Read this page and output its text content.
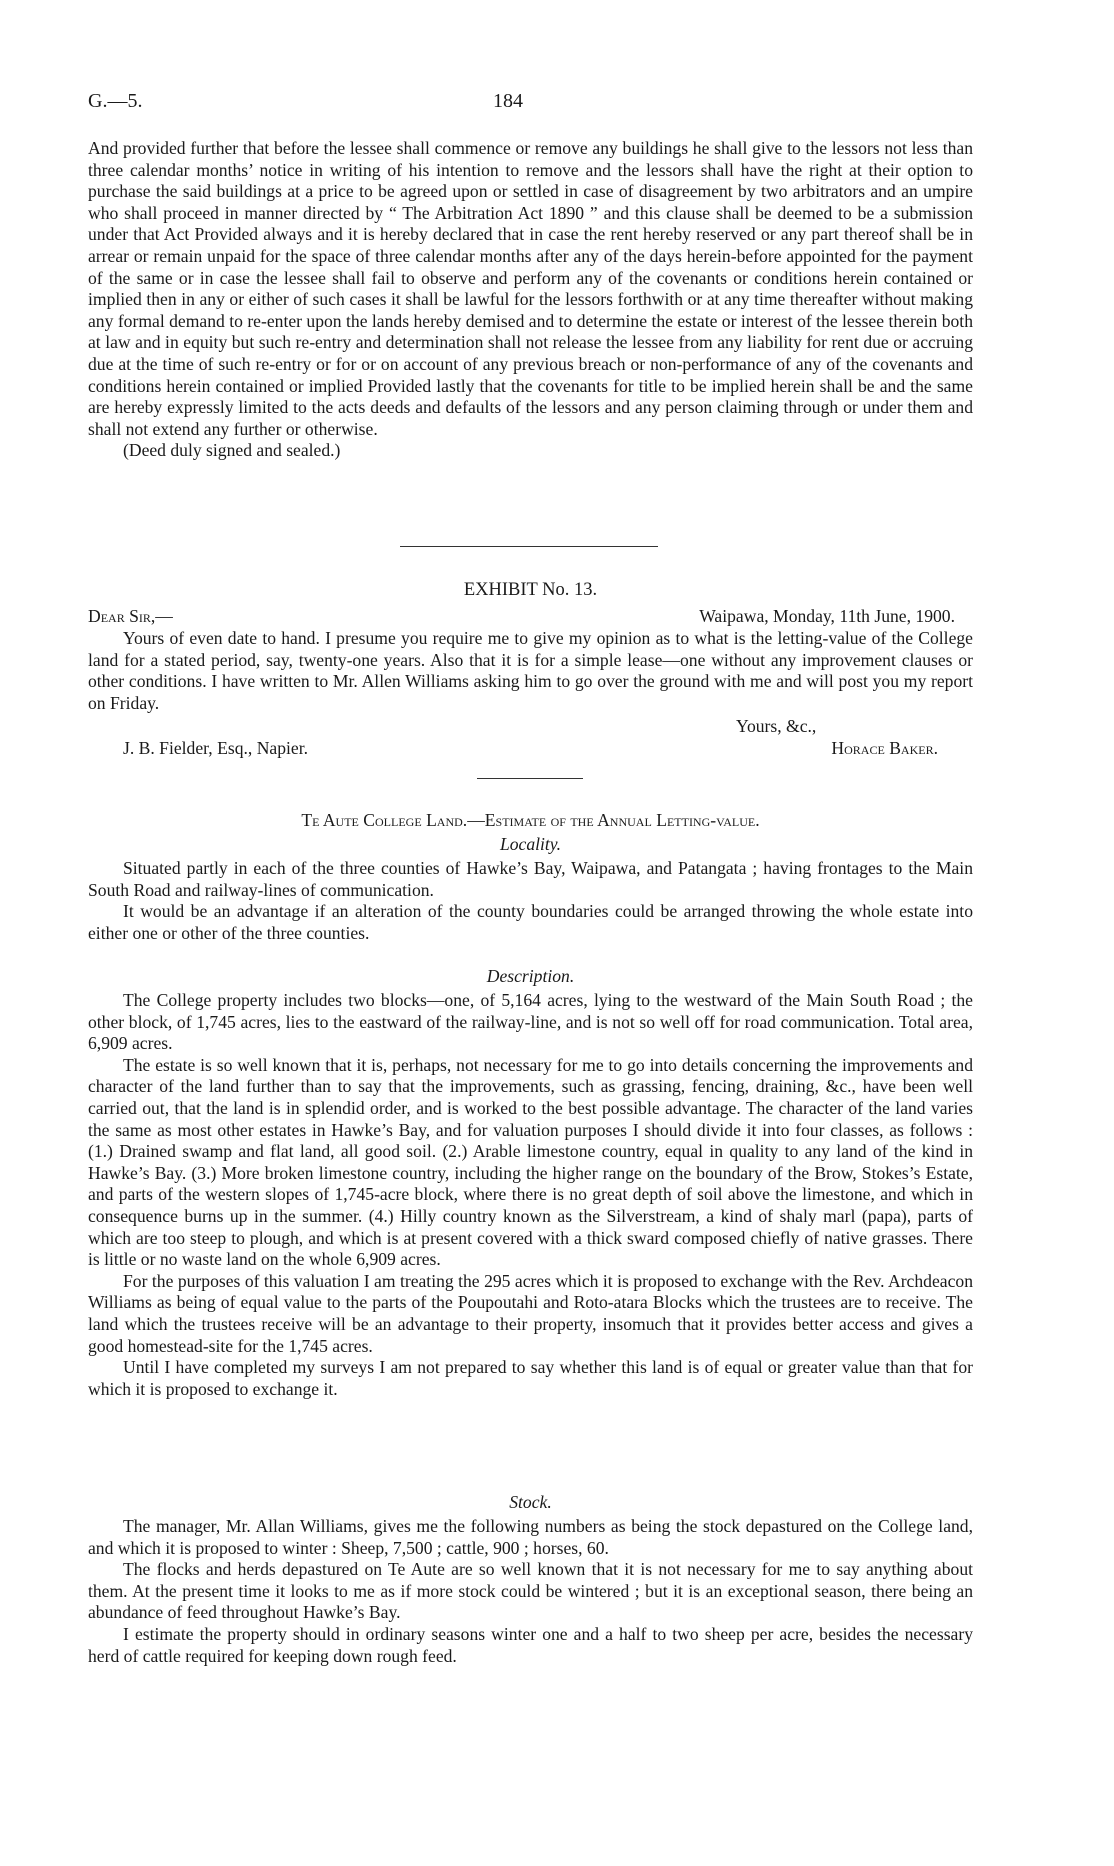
G.—5.	184

And provided further that before the lessee shall commence or remove any buildings he shall give to the lessors not less than three calendar months’ notice in writing of his intention to remove and the lessors shall have the right at their option to purchase the said buildings at a price to be agreed upon or settled in case of disagreement by two arbitrators and an umpire who shall proceed in manner directed by “ The Arbitration Act 1890 ” and this clause shall be deemed to be a submission under that Act Provided always and it is hereby declared that in case the rent hereby reserved or any part thereof shall be in arrear or remain unpaid for the space of three calendar months after any of the days herein-before appointed for the payment of the same or in case the lessee shall fail to observe and perform any of the covenants or conditions herein contained or implied then in any or either of such cases it shall be lawful for the lessors forthwith or at any time thereafter without making any formal demand to re-enter upon the lands hereby demised and to determine the estate or interest of the lessee therein both at law and in equity but such re-entry and determination shall not release the lessee from any liability for rent due or accruing due at the time of such re-entry or for or on account of any previous breach or non-performance of any of the covenants and conditions herein contained or implied Provided lastly that the covenants for title to be implied herein shall be and the same are hereby expressly limited to the acts deeds and defaults of the lessors and any person claiming through or under them and shall not extend any further or otherwise.

(Deed duly signed and sealed.)

EXHIBIT No. 13.
Dear Sir,—	Waipawa, Monday, 11th June, 1900.

Yours of even date to hand. I presume you require me to give my opinion as to what is the letting-value of the College land for a stated period, say, twenty-one years. Also that it is for a simple lease—one without any improvement clauses or other conditions. I have written to Mr. Allen Williams asking him to go over the ground with me and will post you my report on Friday.

Yours, &c.,
J. B. Fielder, Esq., Napier.	Horace Baker.
Te Aute College Land.—Estimate of the Annual Letting-value.
Locality.

Situated partly in each of the three counties of Hawke’s Bay, Waipawa, and Patangata ; having frontages to the Main South Road and railway-lines of communication.

It would be an advantage if an alteration of the county boundaries could be arranged throwing the whole estate into either one or other of the three counties.

Description.

The College property includes two blocks—one, of 5,164 acres, lying to the westward of the Main South Road ; the other block, of 1,745 acres, lies to the eastward of the railway-line, and is not so well off for road communication. Total area, 6,909 acres.

The estate is so well known that it is, perhaps, not necessary for me to go into details concerning the improvements and character of the land further than to say that the improvements, such as grassing, fencing, draining, &c., have been well carried out, that the land is in splendid order, and is worked to the best possible advantage. The character of the land varies the same as most other estates in Hawke’s Bay, and for valuation purposes I should divide it into four classes, as follows : (1.) Drained swamp and flat land, all good soil. (2.) Arable limestone country, equal in quality to any land of the kind in Hawke’s Bay. (3.) More broken limestone country, including the higher range on the boundary of the Brow, Stokes’s Estate, and parts of the western slopes of 1,745-acre block, where there is no great depth of soil above the limestone, and which in consequence burns up in the summer. (4.) Hilly country known as the Silverstream, a kind of shaly marl (papa), parts of which are too steep to plough, and which is at present covered with a thick sward composed chiefly of native grasses. There is little or no waste land on the whole 6,909 acres.

For the purposes of this valuation I am treating the 295 acres which it is proposed to exchange with the Rev. Archdeacon Williams as being of equal value to the parts of the Poupoutahi and Roto-atara Blocks which the trustees are to receive. The land which the trustees receive will be an advantage to their property, insomuch that it provides better access and gives a good homestead-site for the 1,745 acres.

Until I have completed my surveys I am not prepared to say whether this land is of equal or greater value than that for which it is proposed to exchange it.

Stock.

The manager, Mr. Allan Williams, gives me the following numbers as being the stock depastured on the College land, and which it is proposed to winter : Sheep, 7,500 ; cattle, 900 ; horses, 60.

The flocks and herds depastured on Te Aute are so well known that it is not necessary for me to say anything about them. At the present time it looks to me as if more stock could be wintered ; but it is an exceptional season, there being an abundance of feed throughout Hawke’s Bay.

I estimate the property should in ordinary seasons winter one and a half to two sheep per acre, besides the necessary herd of cattle required for keeping down rough feed.
